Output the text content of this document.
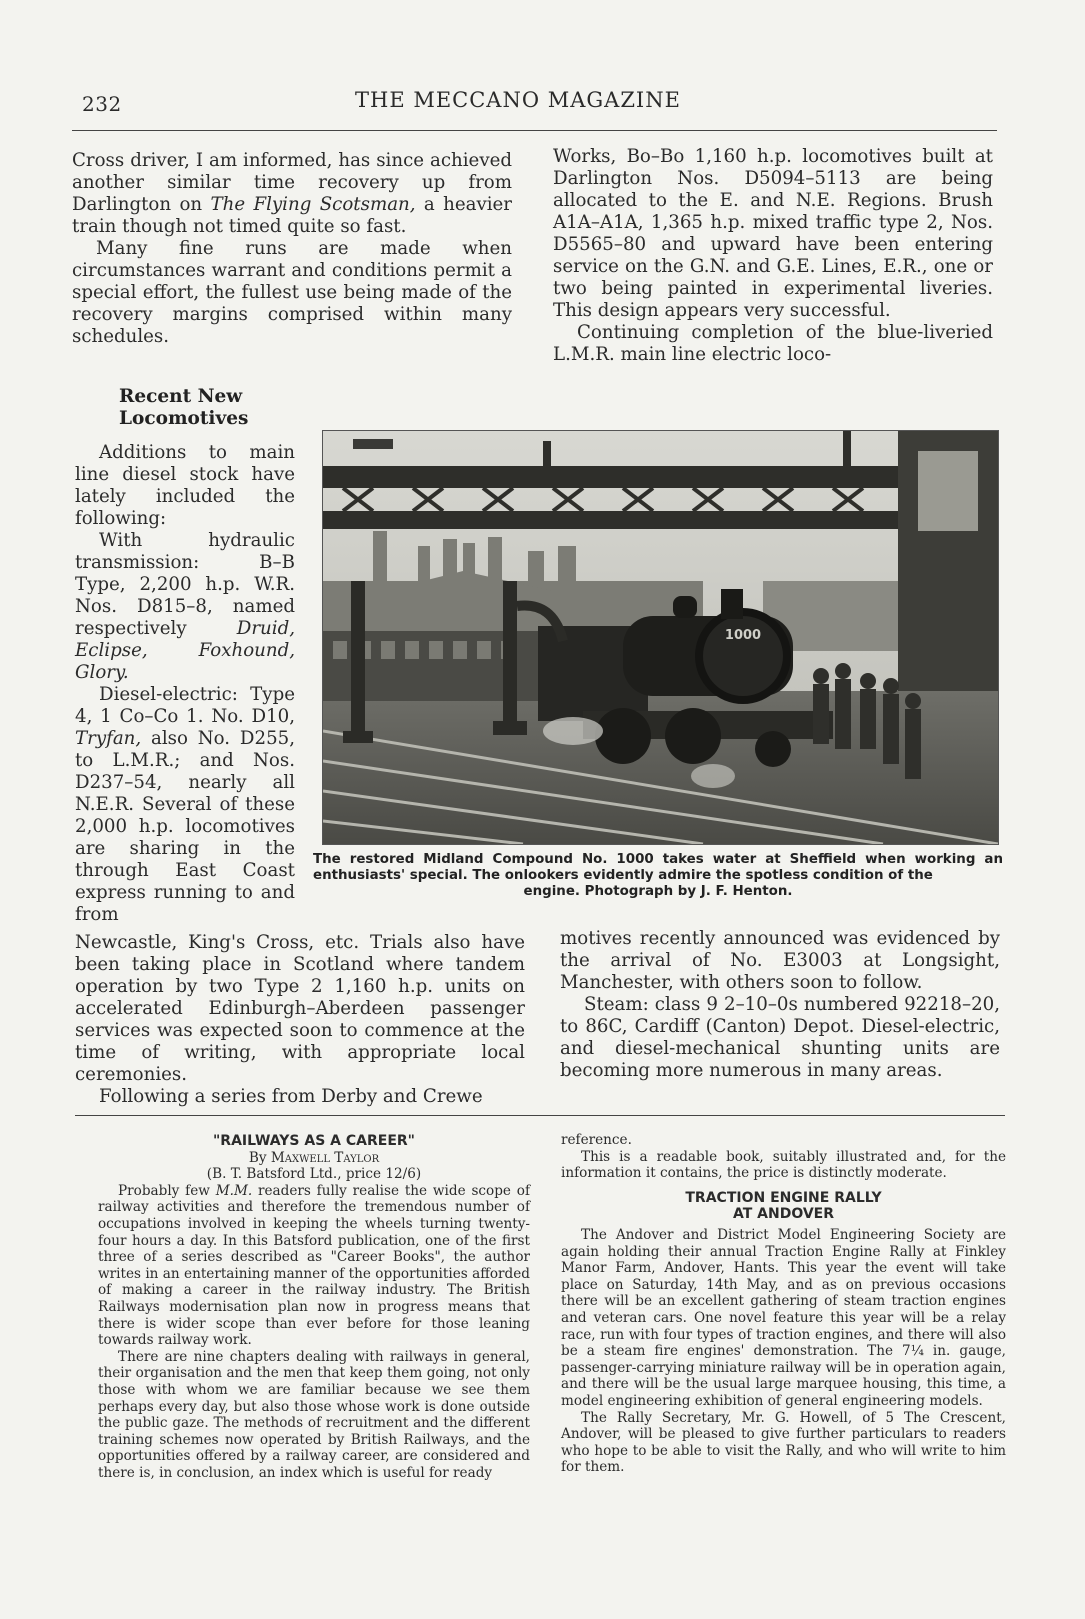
232	THE MECCANO MAGAZINE

Cross driver, I am informed, has since achieved another similar time recovery up from Darlington on The Flying Scotsman, a heavier train though not timed quite so fast.

Many fine runs are made when circumstances warrant and conditions permit a special effort, the fullest use being made of the recovery margins comprised within many schedules.

Works, Bo–Bo 1,160 h.p. locomotives built at Darlington Nos. D5094–5113 are being allocated to the E. and N.E. Regions. Brush A1A–A1A, 1,365 h.p. mixed traffic type 2, Nos. D5565–80 and upward have been entering service on the G.N. and G.E. Lines, E.R., one or two being painted in experimental liveries. This design appears very successful.

Continuing completion of the blue-liveried L.M.R. main line electric loco-

Recent New
Locomotives

Additions to main line diesel stock have lately included the following:

With hydraulic transmission: B–B Type, 2,200 h.p. W.R. Nos. D815–8, named respectively Druid, Eclipse, Foxhound, Glory.

Diesel-electric: Type 4, 1 Co–Co 1. No. D10, Tryfan, also No. D255, to L.M.R.; and Nos. D237–54, nearly all N.E.R. Several of these 2,000 h.p. locomotives are sharing in the through East Coast express running to and from

1000
The restored Midland Compound No. 1000 takes water at Sheffield when working an enthusiasts' special. The onlookers evidently admire the spotless condition of the
engine. Photograph by J. F. Henton.

Newcastle, King's Cross, etc. Trials also have been taking place in Scotland where tandem operation by two Type 2 1,160 h.p. units on accelerated Edinburgh–Aberdeen passenger services was expected soon to commence at the time of writing, with appropriate local ceremonies.

Following a series from Derby and Crewe

motives recently announced was evidenced by the arrival of No. E3003 at Longsight, Manchester, with others soon to follow.

Steam: class 9 2–10–0s numbered 92218–20, to 86C, Cardiff (Canton) Depot. Diesel-electric, and diesel-mechanical shunting units are becoming more numerous in many areas.

"RAILWAYS AS A CAREER"

By Maxwell Taylor

(B. T. Batsford Ltd., price 12/6)

Probably few M.M. readers fully realise the wide scope of railway activities and therefore the tremendous number of occupations involved in keeping the wheels turning twenty-four hours a day. In this Batsford publication, one of the first three of a series described as "Career Books", the author writes in an entertaining manner of the opportunities afforded of making a career in the railway industry. The British Railways modernisation plan now in progress means that there is wider scope than ever before for those leaning towards railway work.

There are nine chapters dealing with railways in general, their organisation and the men that keep them going, not only those with whom we are familiar because we see them perhaps every day, but also those whose work is done outside the public gaze. The methods of recruitment and the different training schemes now operated by British Railways, and the opportunities offered by a railway career, are considered and there is, in conclusion, an index which is useful for ready

reference.

This is a readable book, suitably illustrated and, for the information it contains, the price is distinctly moderate.

TRACTION ENGINE RALLY

AT ANDOVER

The Andover and District Model Engineering Society are again holding their annual Traction Engine Rally at Finkley Manor Farm, Andover, Hants. This year the event will take place on Saturday, 14th May, and as on previous occasions there will be an excellent gathering of steam traction engines and veteran cars. One novel feature this year will be a relay race, run with four types of traction engines, and there will also be a steam fire engines' demonstration. The 7¼ in. gauge, passenger-carrying miniature railway will be in operation again, and there will be the usual large marquee housing, this time, a model engineering exhibition of general engineering models.

The Rally Secretary, Mr. G. Howell, of 5 The Crescent, Andover, will be pleased to give further particulars to readers who hope to be able to visit the Rally, and who will write to him for them.
